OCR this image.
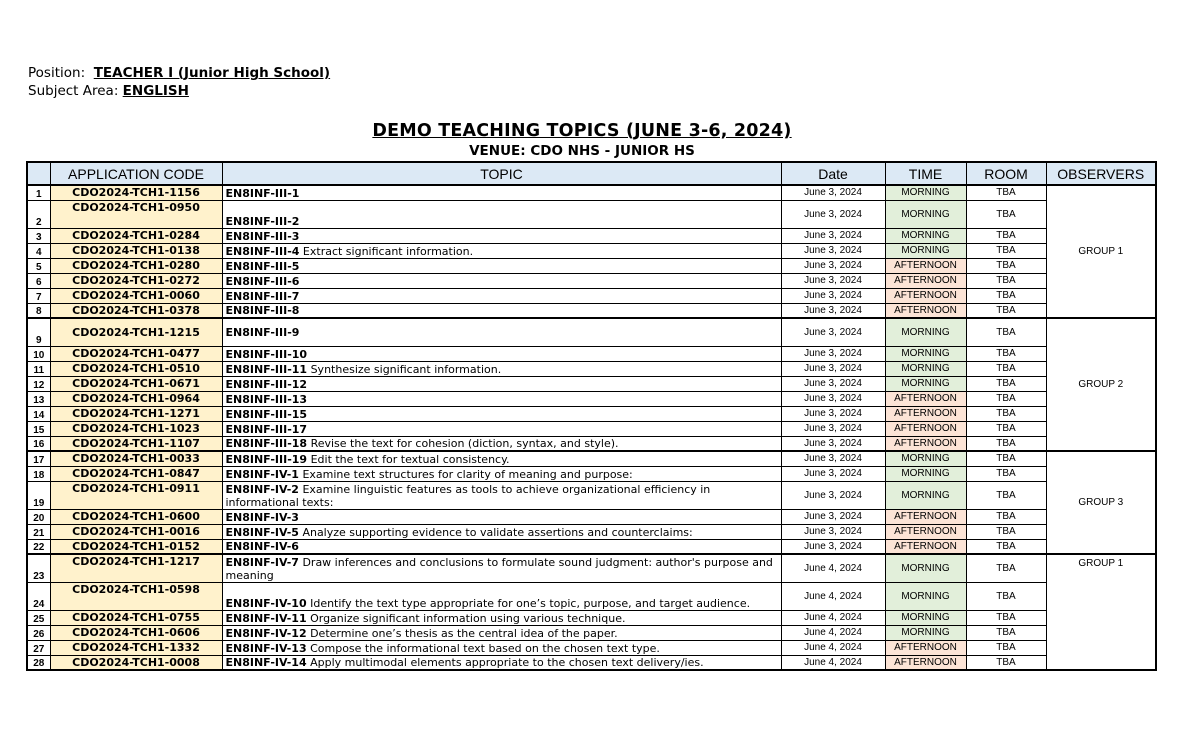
Position: TEACHER I (Junior High School)
Subject Area: ENGLISH
DEMO TEACHING TOPICS (JUNE 3-6, 2024)
VENUE: CDO NHS - JUNIOR HS
	APPLICATION CODE	TOPIC	Date	TIME	ROOM	OBSERVERS
1	CDO2024-TCH1-1156	EN8INF-III-1	June 3, 2024	MORNING	TBA	GROUP 1
2	CDO2024-TCH1-0950	EN8INF-III-2	June 3, 2024	MORNING	TBA	
3	CDO2024-TCH1-0284	EN8INF-III-3	June 3, 2024	MORNING	TBA	
4	CDO2024-TCH1-0138	EN8INF-III-4 Extract significant information.	June 3, 2024	MORNING	TBA	
5	CDO2024-TCH1-0280	EN8INF-III-5	June 3, 2024	AFTERNOON	TBA	
6	CDO2024-TCH1-0272	EN8INF-III-6	June 3, 2024	AFTERNOON	TBA	
7	CDO2024-TCH1-0060	EN8INF-III-7	June 3, 2024	AFTERNOON	TBA	
8	CDO2024-TCH1-0378	EN8INF-III-8	June 3, 2024	AFTERNOON	TBA	
9	CDO2024-TCH1-1215	EN8INF-III-9	June 3, 2024	MORNING	TBA	GROUP 2
10	CDO2024-TCH1-0477	EN8INF-III-10	June 3, 2024	MORNING	TBA	
11	CDO2024-TCH1-0510	EN8INF-III-11 Synthesize significant information.	June 3, 2024	MORNING	TBA	
12	CDO2024-TCH1-0671	EN8INF-III-12	June 3, 2024	MORNING	TBA	
13	CDO2024-TCH1-0964	EN8INF-III-13	June 3, 2024	AFTERNOON	TBA	
14	CDO2024-TCH1-1271	EN8INF-III-15	June 3, 2024	AFTERNOON	TBA	
15	CDO2024-TCH1-1023	EN8INF-III-17	June 3, 2024	AFTERNOON	TBA	
16	CDO2024-TCH1-1107	EN8INF-III-18 Revise the text for cohesion (diction, syntax, and style).	June 3, 2024	AFTERNOON	TBA	
17	CDO2024-TCH1-0033	EN8INF-III-19 Edit the text for textual consistency.	June 3, 2024	MORNING	TBA	GROUP 3
18	CDO2024-TCH1-0847	EN8INF-IV-1 Examine text structures for clarity of meaning and purpose:	June 3, 2024	MORNING	TBA	
19	CDO2024-TCH1-0911	EN8INF-IV-2 Examine linguistic features as tools to achieve organizational efficiency in informational texts:	June 3, 2024	MORNING	TBA	
20	CDO2024-TCH1-0600	EN8INF-IV-3	June 3, 2024	AFTERNOON	TBA	
21	CDO2024-TCH1-0016	EN8INF-IV-5 Analyze supporting evidence to validate assertions and counterclaims:	June 3, 2024	AFTERNOON	TBA	
22	CDO2024-TCH1-0152	EN8INF-IV-6	June 3, 2024	AFTERNOON	TBA	
23	CDO2024-TCH1-1217	EN8INF-IV-7 Draw inferences and conclusions to formulate sound judgment: author's purpose and meaning	June 4, 2024	MORNING	TBA	GROUP 1
24	CDO2024-TCH1-0598	EN8INF-IV-10 Identify the text type appropriate for one’s topic, purpose, and target audience.	June 4, 2024	MORNING	TBA	
25	CDO2024-TCH1-0755	EN8INF-IV-11 Organize significant information using various technique.	June 4, 2024	MORNING	TBA	
26	CDO2024-TCH1-0606	EN8INF-IV-12 Determine one’s thesis as the central idea of the paper.	June 4, 2024	MORNING	TBA	
27	CDO2024-TCH1-1332	EN8INF-IV-13 Compose the informational text based on the chosen text type.	June 4, 2024	AFTERNOON	TBA	
28	CDO2024-TCH1-0008	EN8INF-IV-14 Apply multimodal elements appropriate to the chosen text delivery/ies.	June 4, 2024	AFTERNOON	TBA	
